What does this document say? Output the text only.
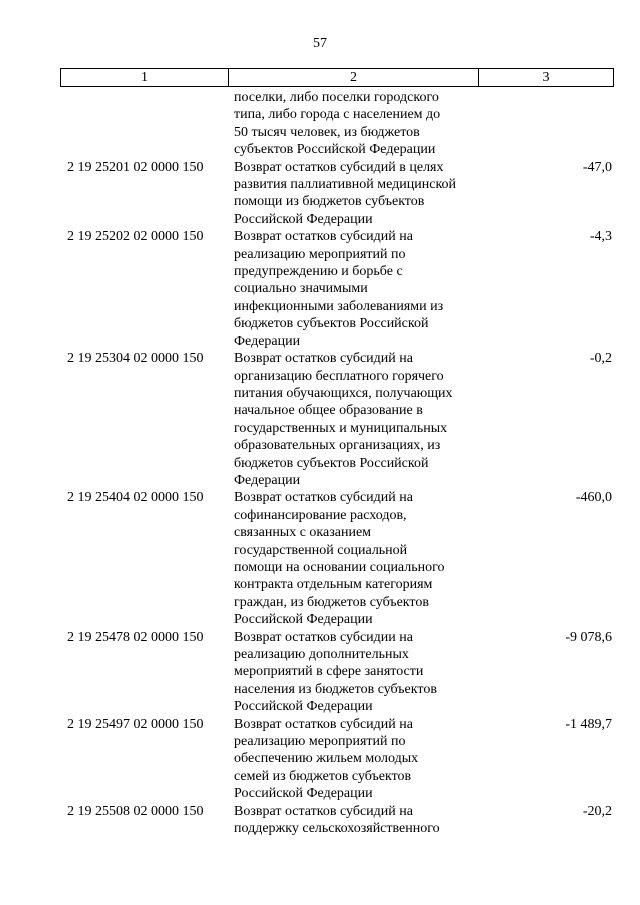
57
1	2	3
поселки, либо поселки городского
типа, либо города с населением до
50 тысяч человек, из бюджетов
субъектов Российской Федерации
2 19 25201 02 0000 150	Возврат остатков субсидий в целях
развития паллиативной медицинской
помощи из бюджетов субъектов
Российской Федерации
-47,0
2 19 25202 02 0000 150	Возврат остатков субсидий на
реализацию мероприятий по
предупреждению и борьбе с
социально значимыми
инфекционными заболеваниями из
бюджетов субъектов Российской
Федерации
-4,3
2 19 25304 02 0000 150	Возврат остатков субсидий на
организацию бесплатного горячего
питания обучающихся, получающих
начальное общее образование в
государственных и муниципальных
образовательных организациях, из
бюджетов субъектов Российской
Федерации
-0,2
2 19 25404 02 0000 150	Возврат остатков субсидий на
софинансирование расходов,
связанных с оказанием
государственной социальной
помощи на основании социального
контракта отдельным категориям
граждан, из бюджетов субъектов
Российской Федерации
-460,0
2 19 25478 02 0000 150	Возврат остатков субсидии на
реализацию дополнительных
мероприятий в сфере занятости
населения из бюджетов субъектов
Российской Федерации
-9 078,6
2 19 25497 02 0000 150	Возврат остатков субсидий на
реализацию мероприятий по
обеспечению жильем молодых
семей из бюджетов субъектов
Российской Федерации
-1 489,7
2 19 25508 02 0000 150	Возврат остатков субсидий на
поддержку сельскохозяйственного
-20,2
